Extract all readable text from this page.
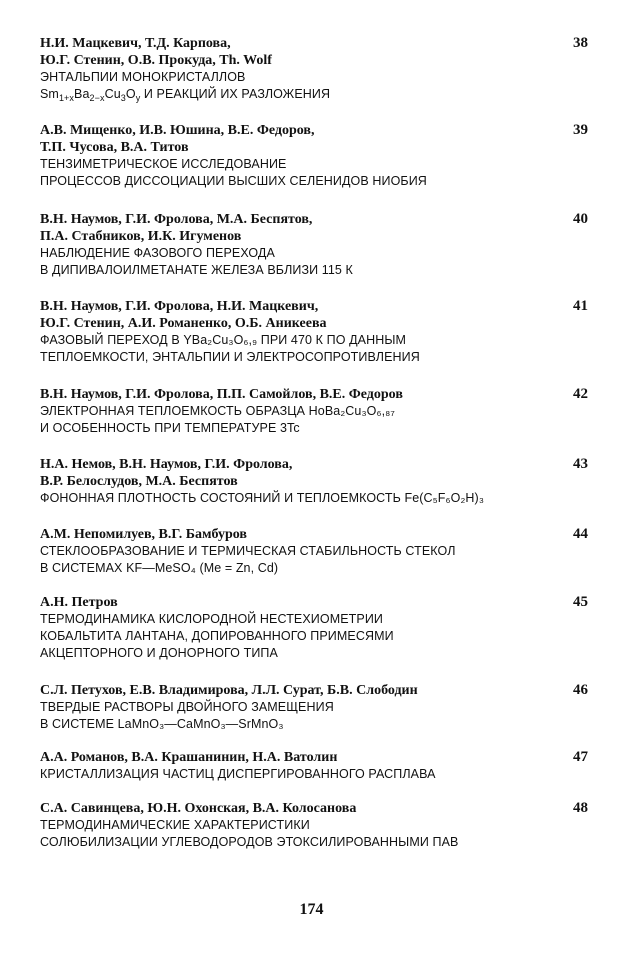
Н.И. Мацкевич, Т.Д. Карпова,
Ю.Г. Стенин, О.В. Прокуда, Th. Wolf
ЭНТАЛЬПИИ МОНОКРИСТАЛЛОВ
$Sm_{1+x}Ba_{2-x}Cu_3O_y$ И РЕАКЦИЙ ИХ РАЗЛОЖЕНИЯ
38
А.В. Мищенко, И.В. Юшина, В.Е. Федоров,
Т.П. Чусова, В.А. Титов
ТЕНЗИМЕТРИЧЕСКОЕ ИССЛЕДОВАНИЕ
ПРОЦЕССОВ ДИССОЦИАЦИИ ВЫСШИХ СЕЛЕНИДОВ НИОБИЯ
39
В.Н. Наумов, Г.И. Фролова, М.А. Беспятов,
П.А. Стабников, И.К. Игуменов
НАБЛЮДЕНИЕ ФАЗОВОГО ПЕРЕХОДА
В ДИПИВАЛОИЛМЕТАНАТЕ ЖЕЛЕЗА ВБЛИЗИ 115 К
40
В.Н. Наумов, Г.И. Фролова, Н.И. Мацкевич,
Ю.Г. Стенин, А.И. Романенко, О.Б. Аникеева
ФАЗОВЫЙ ПЕРЕХОД В YBa₂Cu₃O₆,₉ ПРИ 470 К ПО ДАННЫМ
ТЕПЛОЕМКОСТИ, ЭНТАЛЬПИИ И ЭЛЕКТРОСОПРОТИВЛЕНИЯ
41
В.Н. Наумов, Г.И. Фролова, П.П. Самойлов, В.Е. Федоров
ЭЛЕКТРОННАЯ ТЕПЛОЕМКОСТЬ ОБРАЗЦА HoBa₂Cu₃O₆,₈₇
И ОСОБЕННОСТЬ ПРИ ТЕМПЕРАТУРЕ 3Tc
42
Н.А. Немов, В.Н. Наумов, Г.И. Фролова,
В.Р. Белослудов, М.А. Беспятов
ФОНОННАЯ ПЛОТНОСТЬ СОСТОЯНИЙ И ТЕПЛОЕМКОСТЬ Fe(C₅F₆O₂H)₃
43
А.М. Непомилуев, В.Г. Бамбуров
СТЕКЛООБРАЗОВАНИЕ И ТЕРМИЧЕСКАЯ СТАБИЛЬНОСТЬ СТЕКОЛ
В СИСТЕМАХ KF—MeSO₄ (Me = Zn, Cd)
44
А.Н. Петров
ТЕРМОДИНАМИКА КИСЛОРОДНОЙ НЕСТЕХИОМЕТРИИ
КОБАЛЬТИТА ЛАНТАНА, ДОПИРОВАННОГО ПРИМЕСЯМИ
АКЦЕПТОРНОГО И ДОНОРНОГО ТИПА
45
С.Л. Петухов, Е.В. Владимирова, Л.Л. Сурат, Б.В. Слободин
ТВЕРДЫЕ РАСТВОРЫ ДВОЙНОГО ЗАМЕЩЕНИЯ
В СИСТЕМЕ LaMnO₃—CaMnO₃—SrMnO₃
46
А.А. Романов, В.А. Крашанинин, Н.А. Ватолин
КРИСТАЛЛИЗАЦИЯ ЧАСТИЦ ДИСПЕРГИРОВАННОГО РАСПЛАВА
47
С.А. Савинцева, Ю.Н. Охонская, В.А. Колосанова
ТЕРМОДИНАМИЧЕСКИЕ ХАРАКТЕРИСТИКИ
СОЛЮБИЛИЗАЦИИ УГЛЕВОДОРОДОВ ЭТОКСИЛИРОВАННЫМИ ПАВ
48
174
